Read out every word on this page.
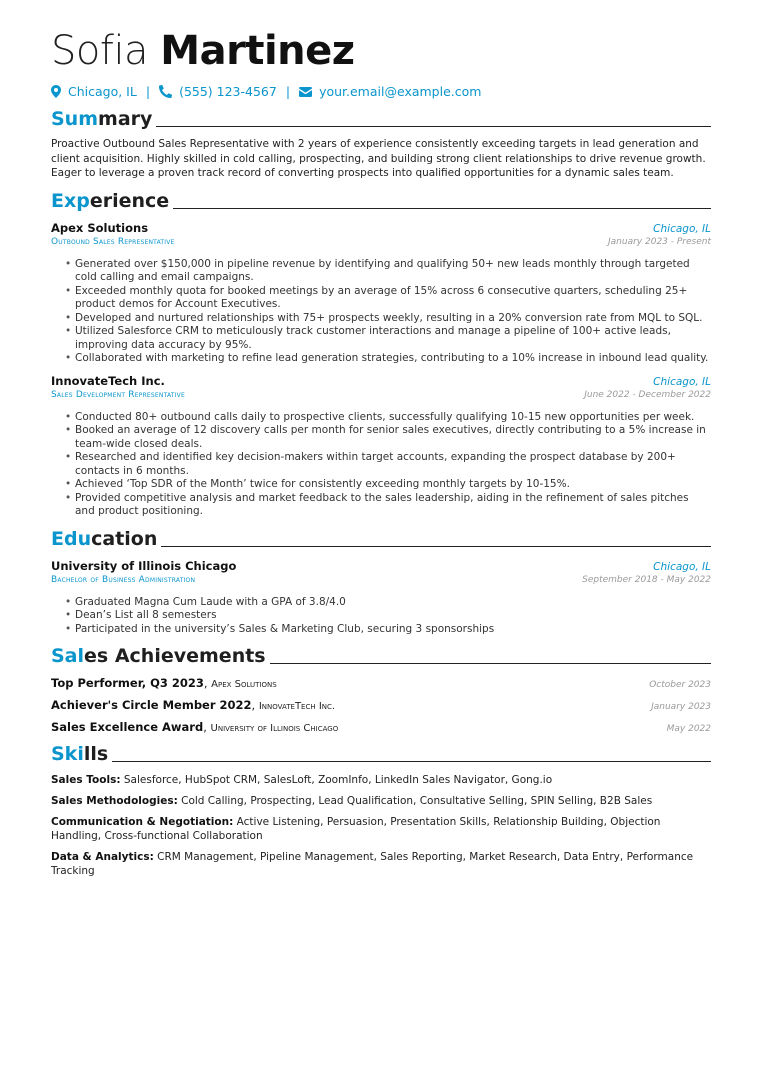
Sofia Martinez
Chicago, IL | (555) 123-4567 | your.email@example.com
Summary

Proactive Outbound Sales Representative with 2 years of experience consistently exceeding targets in lead generation and client acquisition. Highly skilled in cold calling, prospecting, and building strong client relationships to drive revenue growth. Eager to leverage a proven track record of converting prospects into qualified opportunities for a dynamic sales team.

Experience
Apex Solutions	Chicago, IL
Outbound Sales Representative	January 2023 - Present
• Generated over $150,000 in pipeline revenue by identifying and qualifying 50+ new leads monthly through targeted cold calling and email campaigns.
• Exceeded monthly quota for booked meetings by an average of 15% across 6 consecutive quarters, scheduling 25+ product demos for Account Executives.
• Developed and nurtured relationships with 75+ prospects weekly, resulting in a 20% conversion rate from MQL to SQL.
• Utilized Salesforce CRM to meticulously track customer interactions and manage a pipeline of 100+ active leads, improving data accuracy by 95%.
• Collaborated with marketing to refine lead generation strategies, contributing to a 10% increase in inbound lead quality.
InnovateTech Inc.	Chicago, IL
Sales Development Representative	June 2022 - December 2022
• Conducted 80+ outbound calls daily to prospective clients, successfully qualifying 10-15 new opportunities per week.
• Booked an average of 12 discovery calls per month for senior sales executives, directly contributing to a 5% increase in team-wide closed deals.
• Researched and identified key decision-makers within target accounts, expanding the prospect database by 200+ contacts in 6 months.
• Achieved ‘Top SDR of the Month’ twice for consistently exceeding monthly targets by 10-15%.
• Provided competitive analysis and market feedback to the sales leadership, aiding in the refinement of sales pitches and product positioning.
Education
University of Illinois Chicago	Chicago, IL
Bachelor of Business Administration	September 2018 - May 2022
• Graduated Magna Cum Laude with a GPA of 3.8/4.0
• Dean’s List all 8 semesters
• Participated in the university’s Sales & Marketing Club, securing 3 sponsorships
Sales Achievements
Top Performer, Q3 2023, Apex Solutions	October 2023
Achiever's Circle Member 2022, InnovateTech Inc.	January 2023
Sales Excellence Award, University of Illinois Chicago	May 2022
Skills

Sales Tools: Salesforce, HubSpot CRM, SalesLoft, ZoomInfo, LinkedIn Sales Navigator, Gong.io

Sales Methodologies: Cold Calling, Prospecting, Lead Qualification, Consultative Selling, SPIN Selling, B2B Sales

Communication & Negotiation: Active Listening, Persuasion, Presentation Skills, Relationship Building, Objection Handling, Cross-functional Collaboration

Data & Analytics: CRM Management, Pipeline Management, Sales Reporting, Market Research, Data Entry, Performance Tracking
